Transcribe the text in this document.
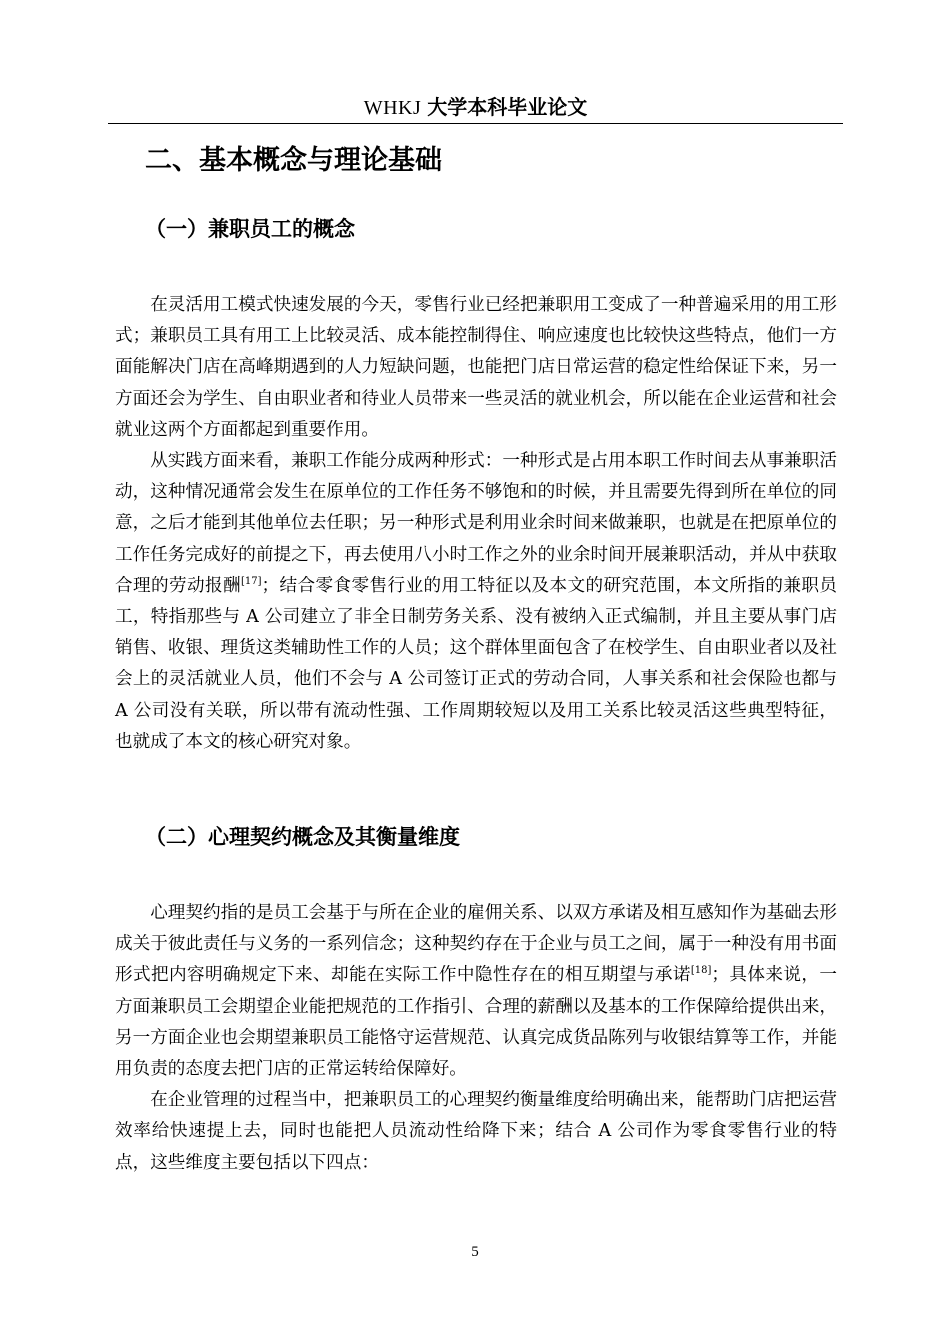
WHKJ 大学本科毕业论文
二、基本概念与理论基础
（一）兼职员工的概念

在灵活用工模式快速发展的今天，零售行业已经把兼职用工变成了一种普遍采用的用工形式；兼职员工具有用工上比较灵活、成本能控制得住、响应速度也比较快这些特点，他们一方面能解决门店在高峰期遇到的人力短缺问题，也能把门店日常运营的稳定性给保证下来，另一方面还会为学生、自由职业者和待业人员带来一些灵活的就业机会，所以能在企业运营和社会就业这两个方面都起到重要作用。

从实践方面来看，兼职工作能分成两种形式：一种形式是占用本职工作时间去从事兼职活动，这种情况通常会发生在原单位的工作任务不够饱和的时候，并且需要先得到所在单位的同意，之后才能到其他单位去任职；另一种形式是利用业余时间来做兼职，也就是在把原单位的工作任务完成好的前提之下，再去使用八小时工作之外的业余时间开展兼职活动，并从中获取合理的劳动报酬[17]；结合零食零售行业的用工特征以及本文的研究范围，本文所指的兼职员工，特指那些与 A 公司建立了非全日制劳务关系、没有被纳入正式编制，并且主要从事门店销售、收银、理货这类辅助性工作的人员；这个群体里面包含了在校学生、自由职业者以及社会上的灵活就业人员，他们不会与 A 公司签订正式的劳动合同，人事关系和社会保险也都与 A 公司没有关联，所以带有流动性强、工作周期较短以及用工关系比较灵活这些典型特征，也就成了本文的核心研究对象。

（二）心理契约概念及其衡量维度

心理契约指的是员工会基于与所在企业的雇佣关系、以双方承诺及相互感知作为基础去形成关于彼此责任与义务的一系列信念；这种契约存在于企业与员工之间，属于一种没有用书面形式把内容明确规定下来、却能在实际工作中隐性存在的相互期望与承诺[18]；具体来说，一方面兼职员工会期望企业能把规范的工作指引、合理的薪酬以及基本的工作保障给提供出来，另一方面企业也会期望兼职员工能恪守运营规范、认真完成货品陈列与收银结算等工作，并能用负责的态度去把门店的正常运转给保障好。

在企业管理的过程当中，把兼职员工的心理契约衡量维度给明确出来，能帮助门店把运营效率给快速提上去，同时也能把人员流动性给降下来；结合 A 公司作为零食零售行业的特点，这些维度主要包括以下四点：

5
